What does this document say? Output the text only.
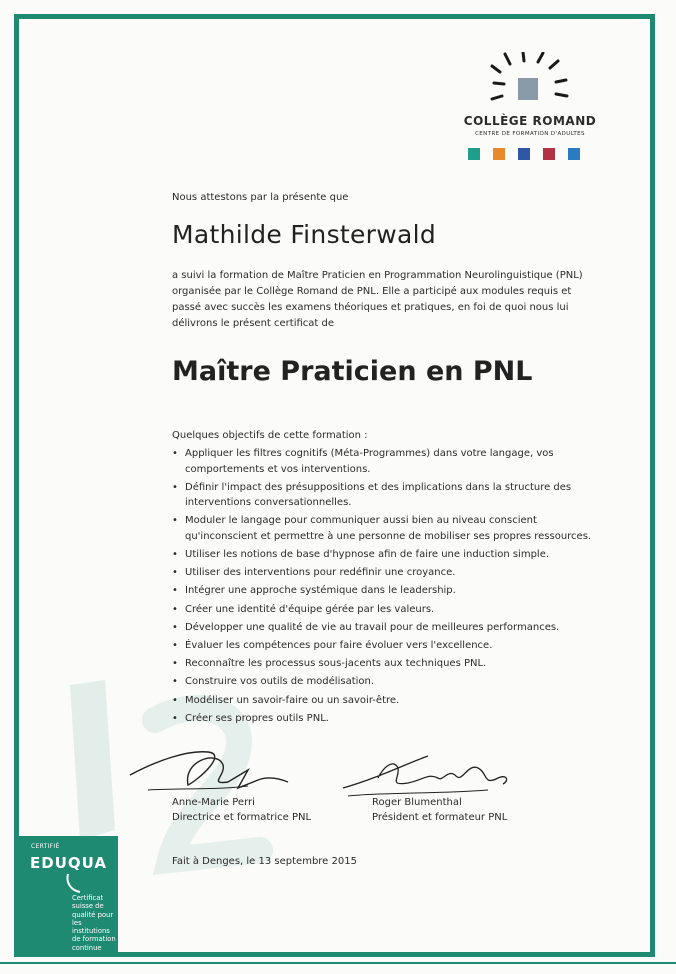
COLLÈGE ROMAND
CENTRE DE FORMATION D'ADULTES
Nous attestons par la présente que
Mathilde Finsterwald
a suivi la formation de Maître Praticien en Programmation Neurolinguistique (PNL) organisée par le Collège Romand de PNL. Elle a participé aux modules requis et passé avec succès les examens théoriques et pratiques, en foi de quoi nous lui délivrons le présent certificat de
Maître Praticien en PNL
Quelques objectifs de cette formation :
• Appliquer les filtres cognitifs (Méta-Programmes) dans votre langage, vos comportements et vos interventions.
• Définir l'impact des présuppositions et des implications dans la structure des interventions conversationnelles.
• Moduler le langage pour communiquer aussi bien au niveau conscient qu'inconscient et permettre à une personne de mobiliser ses propres ressources.
• Utiliser les notions de base d'hypnose afin de faire une induction simple.
• Utiliser des interventions pour redéfinir une croyance.
• Intégrer une approche systémique dans le leadership.
• Créer une identité d'équipe gérée par les valeurs.
• Développer une qualité de vie au travail pour de meilleures performances.
• Évaluer les compétences pour faire évoluer vers l'excellence.
• Reconnaître les processus sous-jacents aux techniques PNL.
• Construire vos outils de modélisation.
• Modéliser un savoir-faire ou un savoir-être.
• Créer ses propres outils PNL.
Anne-Marie Perri
Directrice et formatrice PNL
Roger Blumenthal
Président et formateur PNL
Fait à Denges, le 13 septembre 2015
CERTIFIÉ
EDUQUA
Certificat suisse de qualité pour les institutions de formation continue
